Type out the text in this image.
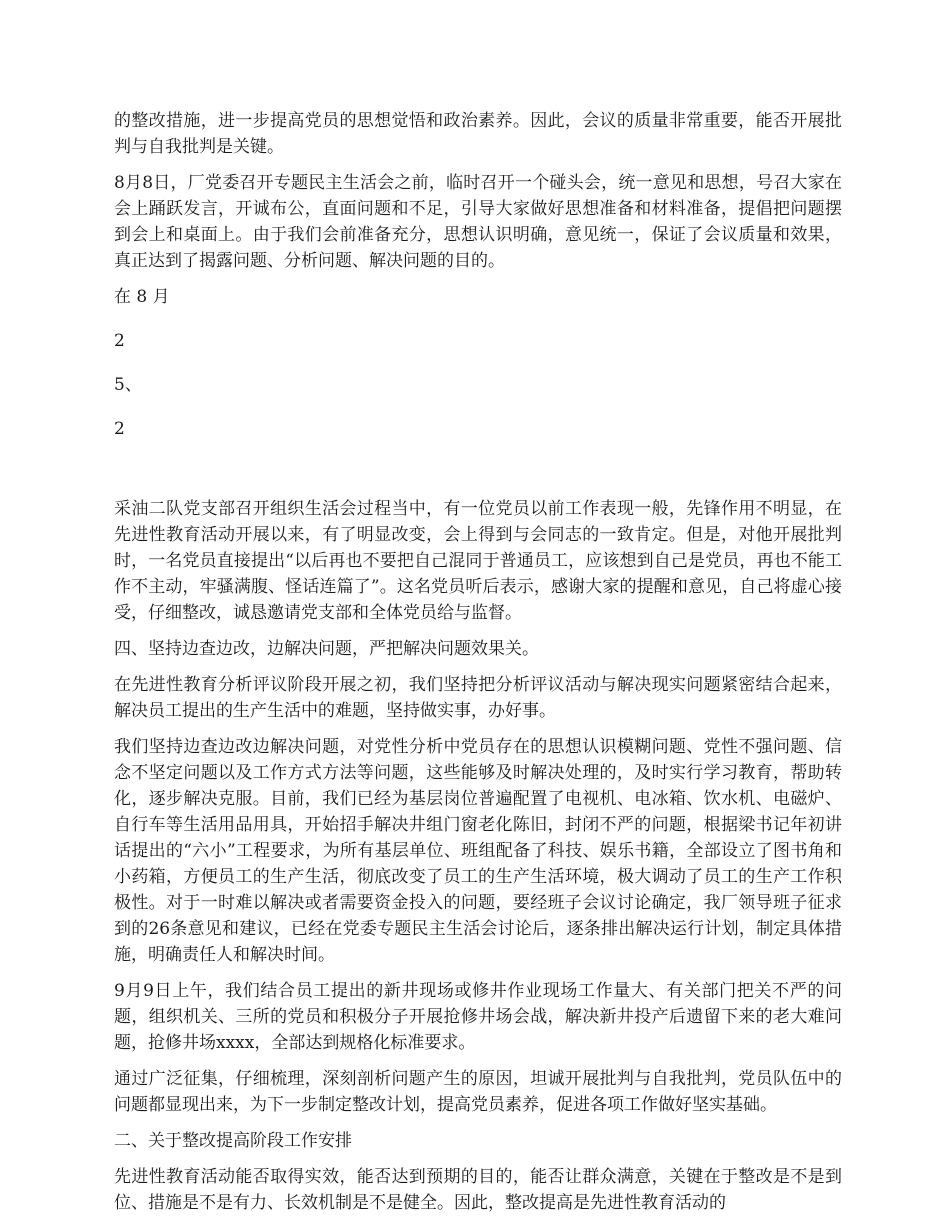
的整改措施，进一步提高党员的思想觉悟和政治素养。因此，会议的质量非常重要，能否开展批判与自我批判是关键。

8月8日，厂党委召开专题民主生活会之前，临时召开一个碰头会，统一意见和思想，号召大家在会上踊跃发言，开诚布公，直面问题和不足，引导大家做好思想准备和材料准备，提倡把问题摆到会上和桌面上。由于我们会前准备充分，思想认识明确，意见统一，保证了会议质量和效果，真正达到了揭露问题、分析问题、解决问题的目的。

在 8 月

2

5、

2

采油二队党支部召开组织生活会过程当中，有一位党员以前工作表现一般，先锋作用不明显，在先进性教育活动开展以来，有了明显改变，会上得到与会同志的一致肯定。但是，对他开展批判时，一名党员直接提出“以后再也不要把自己混同于普通员工，应该想到自己是党员，再也不能工作不主动，牢骚满腹、怪话连篇了”。这名党员听后表示，感谢大家的提醒和意见，自己将虚心接受，仔细整改，诚恳邀请党支部和全体党员给与监督。

四、坚持边查边改，边解决问题，严把解决问题效果关。

在先进性教育分析评议阶段开展之初，我们坚持把分析评议活动与解决现实问题紧密结合起来，解决员工提出的生产生活中的难题，坚持做实事，办好事。

我们坚持边查边改边解决问题，对党性分析中党员存在的思想认识模糊问题、党性不强问题、信念不坚定问题以及工作方式方法等问题，这些能够及时解决处理的，及时实行学习教育，帮助转化，逐步解决克服。目前，我们已经为基层岗位普遍配置了电视机、电冰箱、饮水机、电磁炉、自行车等生活用品用具，开始招手解决井组门窗老化陈旧，封闭不严的问题，根据梁书记年初讲话提出的“六小”工程要求，为所有基层单位、班组配备了科技、娱乐书籍，全部设立了图书角和小药箱，方便员工的生产生活，彻底改变了员工的生产生活环境，极大调动了员工的生产工作积极性。对于一时难以解决或者需要资金投入的问题，要经班子会议讨论确定，我厂领导班子征求到的26条意见和建议，已经在党委专题民主生活会讨论后，逐条排出解决运行计划，制定具体措施，明确责任人和解决时间。

9月9日上午，我们结合员工提出的新井现场或修井作业现场工作量大、有关部门把关不严的问题，组织机关、三所的党员和积极分子开展抢修井场会战，解决新井投产后遗留下来的老大难问题，抢修井场xxxx，全部达到规格化标准要求。

通过广泛征集，仔细梳理，深刻剖析问题产生的原因，坦诚开展批判与自我批判，党员队伍中的问题都显现出来，为下一步制定整改计划，提高党员素养，促进各项工作做好坚实基础。

二、关于整改提高阶段工作安排

先进性教育活动能否取得实效，能否达到预期的目的，能否让群众满意，关键在于整改是不是到位、措施是不是有力、长效机制是不是健全。因此，整改提高是先进性教育活动的
